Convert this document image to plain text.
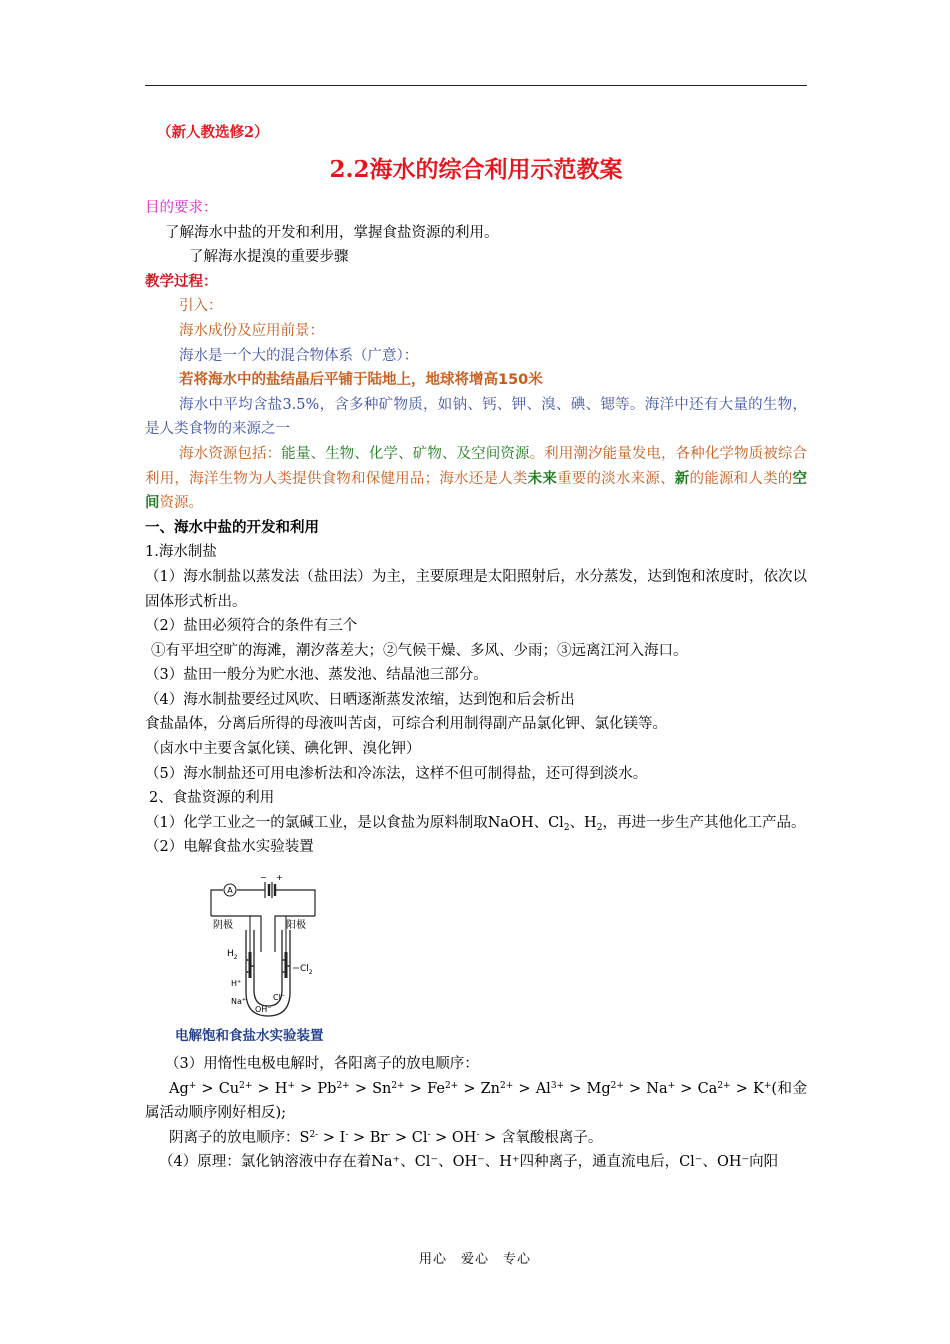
（新人教选修2）
2.2海水的综合利用示范教案
目的要求：
了解海水中盐的开发和利用，掌握食盐资源的利用。
了解海水提溴的重要步骤
教学过程：
引入：
海水成份及应用前景：
海水是一个大的混合物体系（广意）：
若将海水中的盐结晶后平铺于陆地上，地球将增高150米
海水中平均含盐3.5%，含多种矿物质，如钠、钙、钾、溴、碘、锶等。海洋中还有大量的生物，是人类食物的来源之一
海水资源包括：能量、生物、化学、矿物、及空间资源。利用潮汐能量发电，各种化学物质被综合利用，海洋生物为人类提供食物和保健用品；海水还是人类未来重要的淡水来源、新的能源和人类的空间资源。
一、海水中盐的开发和利用
1.海水制盐
（1）海水制盐以蒸发法（盐田法）为主，主要原理是太阳照射后，水分蒸发，达到饱和浓度时，依次以固体形式析出。
（2）盐田必须符合的条件有三个
①有平坦空旷的海滩，潮汐落差大；②气候干燥、多风、少雨；③远离江河入海口。
（3）盐田一般分为贮水池、蒸发池、结晶池三部分。
（4）海水制盐要经过风吹、日晒逐渐蒸发浓缩，达到饱和后会析出
食盐晶体，分离后所得的母液叫苦卤，可综合利用制得副产品氯化钾、氯化镁等。
（卤水中主要含氯化镁、碘化钾、溴化钾）
（5）海水制盐还可用电渗析法和冷冻法，这样不但可制得盐，还可得到淡水。
2、食盐资源的利用
（1）化学工业之一的氯碱工业，是以食盐为原料制取NaOH、$Cl_2$、$H_2$，再进一步生产其他化工产品。
（2）电解食盐水实验装置
A
− +
阴极	阳极
$H_2$
$Cl_2$
H+
Na+	Cl−
OH−
电解饱和食盐水实验装置
（3）用惰性电极电解时，各阳离子的放电顺序：
$Ag^+ > Cu^{2+} > H^+ > Pb^{2+} > Sn^{2+} > Fe^{2+} > Zn^{2+} > Al^{3+} > Mg^{2+} > Na^+ > Ca^{2+} > K^+$(和金属活动顺序刚好相反);
阴离子的放电顺序：$S^{2-} > I^- > Br^- > Cl^- > OH^-$ > 含氧酸根离子。
（4）原理：氯化钠溶液中存在着Na⁺、Cl⁻、OH⁻、H⁺四种离子，通直流电后，Cl⁻、OH⁻向阳
用心　爱心　专心
